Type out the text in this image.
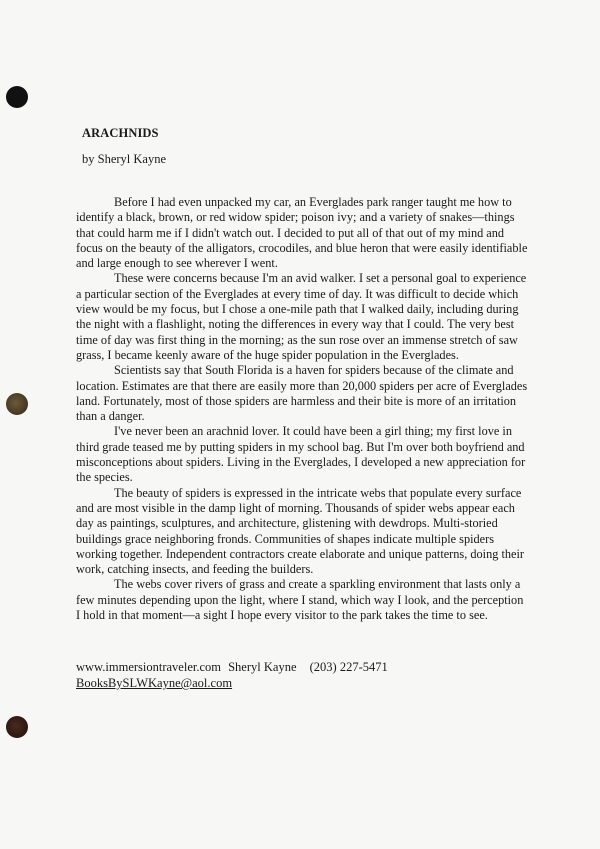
ARACHNIDS
by Sheryl Kayne

Before I had even unpacked my car, an Everglades park ranger taught me how to identify a black, brown, or red widow spider; poison ivy; and a variety of snakes—things that could harm me if I didn't watch out. I decided to put all of that out of my mind and focus on the beauty of the alligators, crocodiles, and blue heron that were easily identifiable and large enough to see wherever I went.

These were concerns because I'm an avid walker. I set a personal goal to experience a particular section of the Everglades at every time of day. It was difficult to decide which view would be my focus, but I chose a one-mile path that I walked daily, including during the night with a flashlight, noting the differences in every way that I could. The very best time of day was first thing in the morning; as the sun rose over an immense stretch of saw grass, I became keenly aware of the huge spider population in the Everglades.

Scientists say that South Florida is a haven for spiders because of the climate and location. Estimates are that there are easily more than 20,000 spiders per acre of Everglades land. Fortunately, most of those spiders are harmless and their bite is more of an irritation than a danger.

I've never been an arachnid lover. It could have been a girl thing; my first love in third grade teased me by putting spiders in my school bag. But I'm over both boyfriend and misconceptions about spiders. Living in the Everglades, I developed a new appreciation for the species.

The beauty of spiders is expressed in the intricate webs that populate every surface and are most visible in the damp light of morning. Thousands of spider webs appear each day as paintings, sculptures, and architecture, glistening with dewdrops. Multi-storied buildings grace neighboring fronds. Communities of shapes indicate multiple spiders working together. Independent contractors create elaborate and unique patterns, doing their work, catching insects, and feeding the builders.

The webs cover rivers of grass and create a sparkling environment that lasts only a few minutes depending upon the light, where I stand, which way I look, and the perception I hold in that moment—a sight I hope every visitor to the park takes the time to see.

www.immersiontraveler.com Sheryl Kayne (203) 227-5471
BooksBySLWKayne@aol.com
